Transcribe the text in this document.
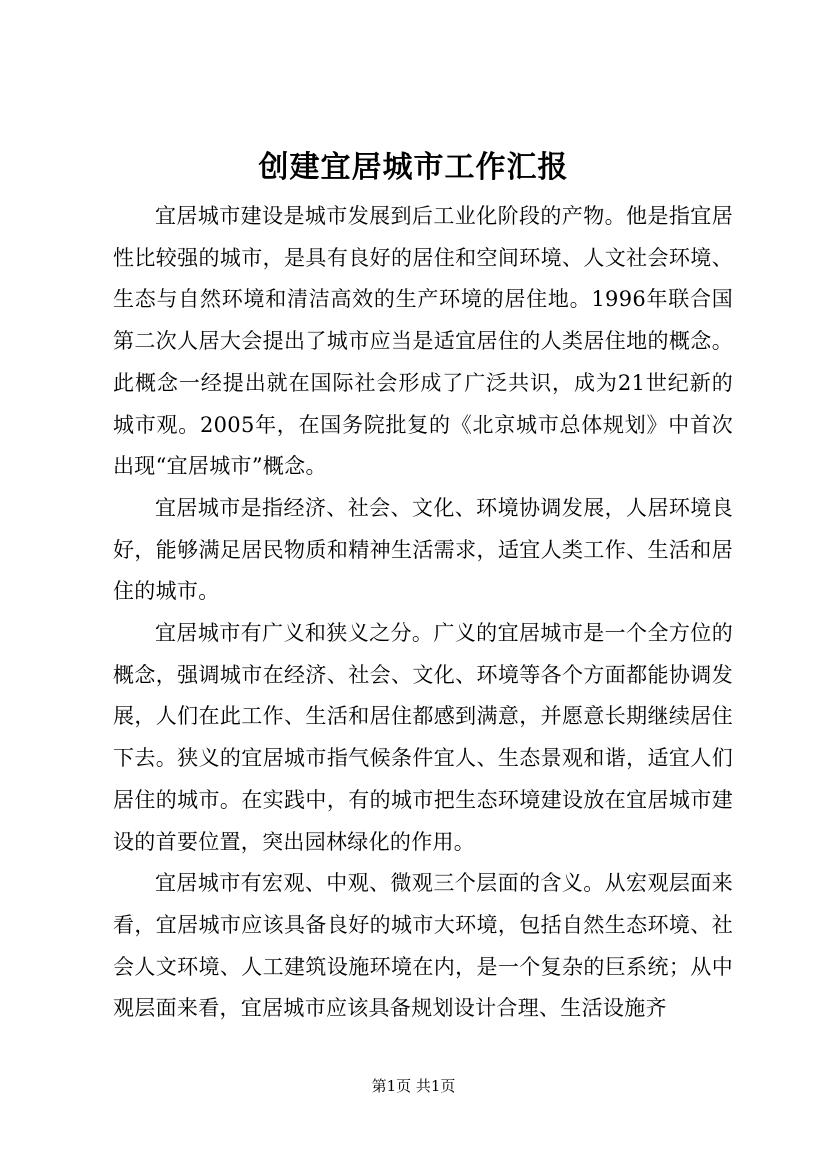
创建宜居城市工作汇报

宜居城市建设是城市发展到后工业化阶段的产物。他是指宜居性比较强的城市，是具有良好的居住和空间环境、人文社会环境、生态与自然环境和清洁高效的生产环境的居住地。1996年联合国第二次人居大会提出了城市应当是适宜居住的人类居住地的概念。此概念一经提出就在国际社会形成了广泛共识，成为21世纪新的城市观。2005年，在国务院批复的《北京城市总体规划》中首次出现“宜居城市”概念。

宜居城市是指经济、社会、文化、环境协调发展，人居环境良好，能够满足居民物质和精神生活需求，适宜人类工作、生活和居住的城市。

宜居城市有广义和狭义之分。广义的宜居城市是一个全方位的概念，强调城市在经济、社会、文化、环境等各个方面都能协调发展，人们在此工作、生活和居住都感到满意，并愿意长期继续居住下去。狭义的宜居城市指气候条件宜人、生态景观和谐，适宜人们居住的城市。在实践中，有的城市把生态环境建设放在宜居城市建设的首要位置，突出园林绿化的作用。

宜居城市有宏观、中观、微观三个层面的含义。从宏观层面来看，宜居城市应该具备良好的城市大环境，包括自然生态环境、社会人文环境、人工建筑设施环境在内，是一个复杂的巨系统；从中观层面来看，宜居城市应该具备规划设计合理、生活设施齐

第1页 共1页
